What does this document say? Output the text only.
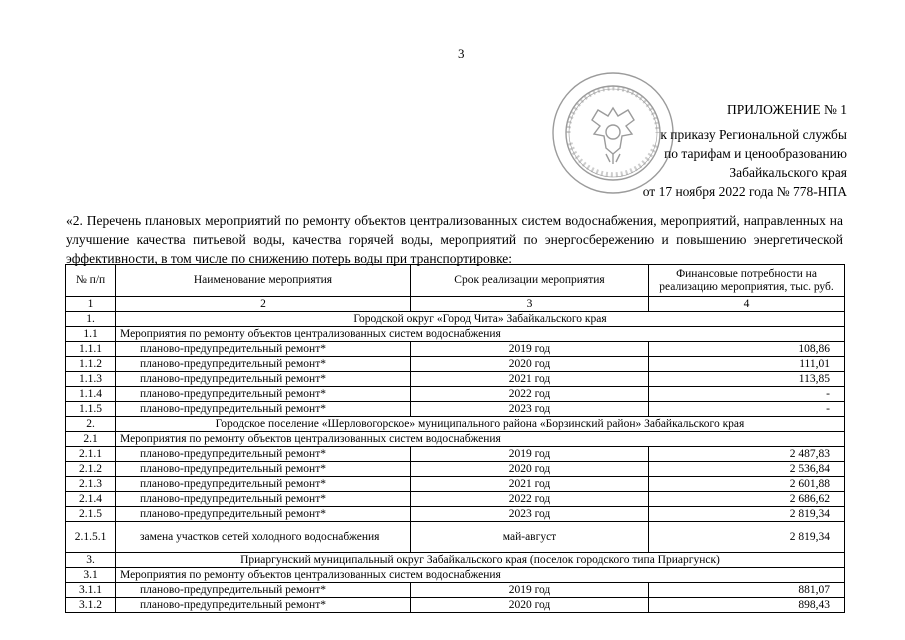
3
ПРИЛОЖЕНИЕ № 1
к приказу Региональной службы
по тарифам и ценообразованию
Забайкальского края
от 17 ноября 2022 года № 778-НПА
«2. Перечень плановых мероприятий по ремонту объектов централизованных систем водоснабжения, мероприятий, направленных на улучшение качества питьевой воды, качества горячей воды, мероприятий по энергосбережению и повышению энергетической эффективности, в том числе по снижению потерь воды при транспортировке:
№ п/п	Наименование мероприятия	Срок реализации мероприятия	Финансовые потребности на реализацию мероприятия, тыс. руб.
1	2	3	4
1.	Городской округ «Город Чита» Забайкальского края		
1.1	Мероприятия по ремонту объектов централизованных систем водоснабжения		
1.1.1	планово-предупредительный ремонт*	2019 год	108,86
1.1.2	планово-предупредительный ремонт*	2020 год	111,01
1.1.3	планово-предупредительный ремонт*	2021 год	113,85
1.1.4	планово-предупредительный ремонт*	2022 год	-
1.1.5	планово-предупредительный ремонт*	2023 год	-
2.	Городское поселение «Шерловогорское» муниципального района «Борзинский район» Забайкальского края		
2.1	Мероприятия по ремонту объектов централизованных систем водоснабжения		
2.1.1	планово-предупредительный ремонт*	2019 год	2 487,83
2.1.2	планово-предупредительный ремонт*	2020 год	2 536,84
2.1.3	планово-предупредительный ремонт*	2021 год	2 601,88
2.1.4	планово-предупредительный ремонт*	2022 год	2 686,62
2.1.5	планово-предупредительный ремонт*	2023 год	2 819,34
2.1.5.1	замена участков сетей холодного водоснабжения	май-август	2 819,34
3.	Приаргунский муниципальный округ Забайкальского края (поселок городского типа Приаргунск)		
3.1	Мероприятия по ремонту объектов централизованных систем водоснабжения		
3.1.1	планово-предупредительный ремонт*	2019 год	881,07
3.1.2	планово-предупредительный ремонт*	2020 год	898,43
